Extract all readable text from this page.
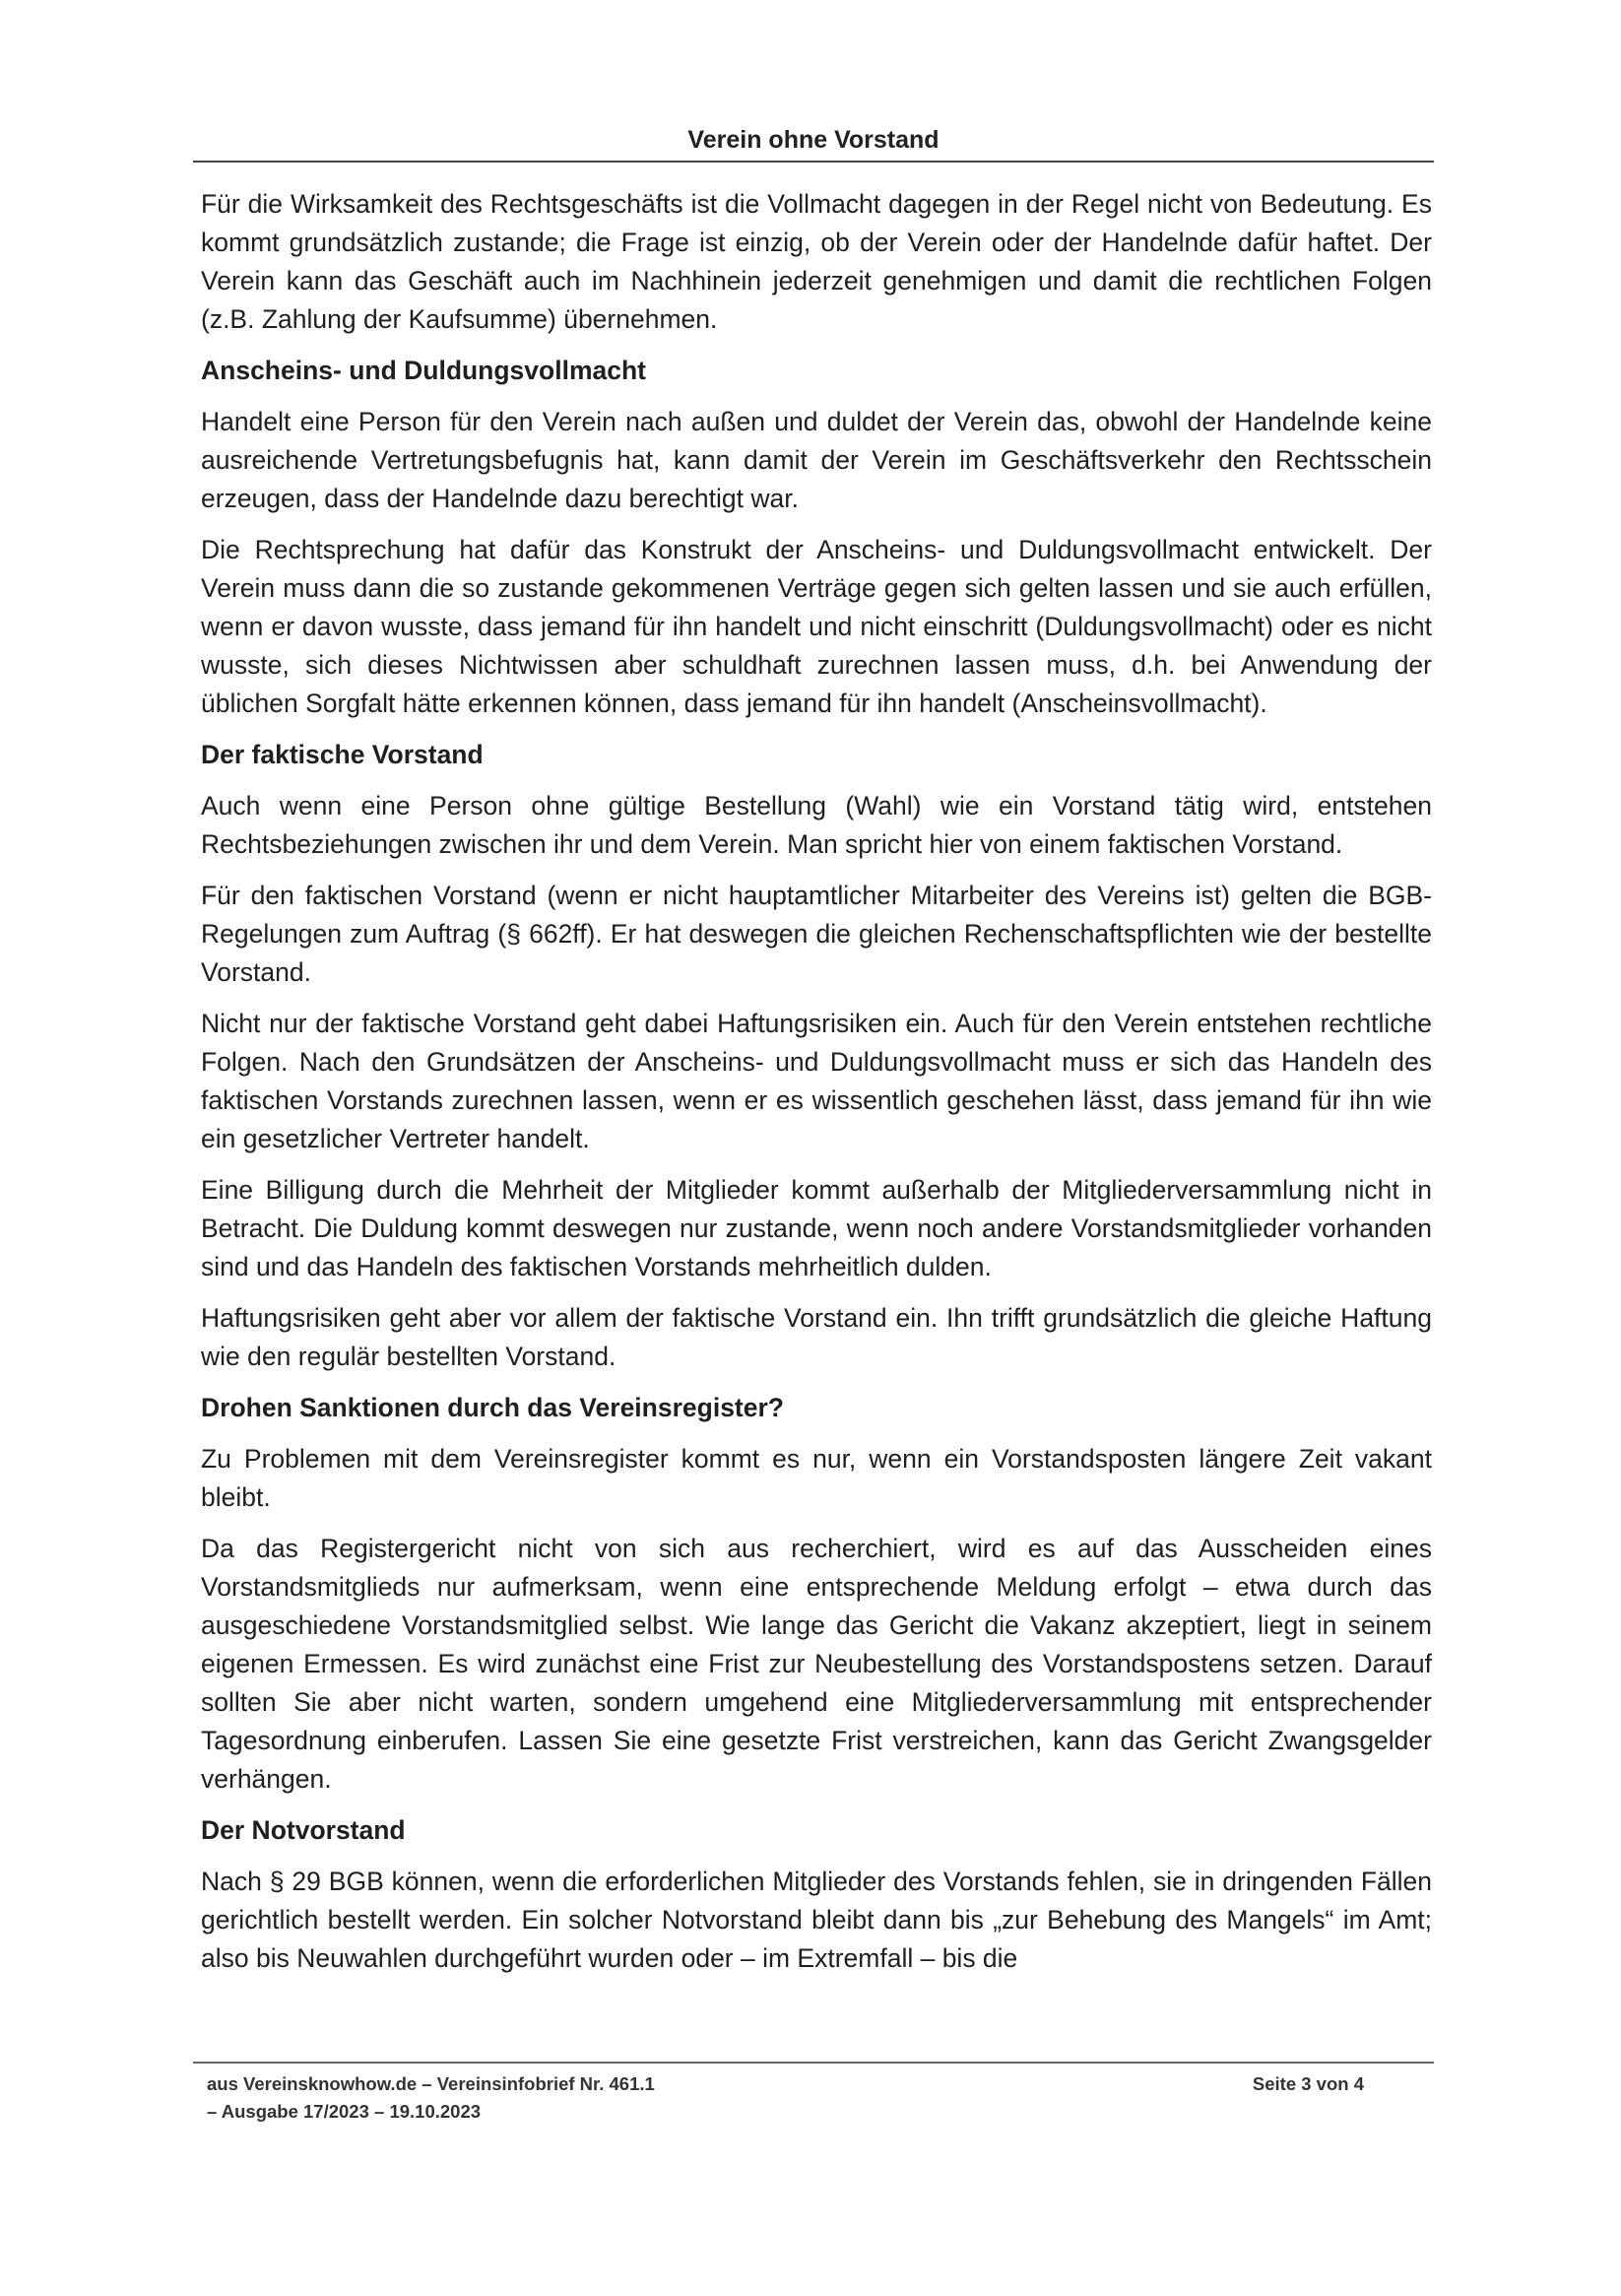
Verein ohne Vorstand

Für die Wirksamkeit des Rechtsgeschäfts ist die Vollmacht dagegen in der Regel nicht von Bedeutung. Es kommt grundsätzlich zustande; die Frage ist einzig, ob der Verein oder der Handelnde dafür haftet. Der Verein kann das Geschäft auch im Nachhinein jederzeit genehmigen und damit die rechtlichen Folgen (z.B. Zahlung der Kaufsumme) übernehmen.

Anscheins- und Duldungsvollmacht

Handelt eine Person für den Verein nach außen und duldet der Verein das, obwohl der Handelnde keine ausreichende Vertretungsbefugnis hat, kann damit der Verein im Geschäftsverkehr den Rechtsschein erzeugen, dass der Handelnde dazu berechtigt war.

Die Rechtsprechung hat dafür das Konstrukt der Anscheins- und Duldungsvollmacht entwickelt. Der Verein muss dann die so zustande gekommenen Verträge gegen sich gelten lassen und sie auch erfüllen, wenn er davon wusste, dass jemand für ihn handelt und nicht einschritt (Duldungsvollmacht) oder es nicht wusste, sich dieses Nichtwissen aber schuldhaft zurechnen lassen muss, d.h. bei Anwendung der üblichen Sorgfalt hätte erkennen können, dass jemand für ihn handelt (Anscheinsvollmacht).

Der faktische Vorstand

Auch wenn eine Person ohne gültige Bestellung (Wahl) wie ein Vorstand tätig wird, entstehen Rechtsbeziehungen zwischen ihr und dem Verein. Man spricht hier von einem faktischen Vorstand.

Für den faktischen Vorstand (wenn er nicht hauptamtlicher Mitarbeiter des Vereins ist) gelten die BGB-Regelungen zum Auftrag (§ 662ff). Er hat deswegen die gleichen Rechenschaftspflichten wie der bestellte Vorstand.

Nicht nur der faktische Vorstand geht dabei Haftungsrisiken ein. Auch für den Verein entstehen rechtliche Folgen. Nach den Grundsätzen der Anscheins- und Duldungsvollmacht muss er sich das Handeln des faktischen Vorstands zurechnen lassen, wenn er es wissentlich geschehen lässt, dass jemand für ihn wie ein gesetzlicher Vertreter handelt.

Eine Billigung durch die Mehrheit der Mitglieder kommt außerhalb der Mitgliederversammlung nicht in Betracht. Die Duldung kommt deswegen nur zustande, wenn noch andere Vorstandsmitglieder vorhanden sind und das Handeln des faktischen Vorstands mehrheitlich dulden.

Haftungsrisiken geht aber vor allem der faktische Vorstand ein. Ihn trifft grundsätzlich die gleiche Haftung wie den regulär bestellten Vorstand.

Drohen Sanktionen durch das Vereinsregister?

Zu Problemen mit dem Vereinsregister kommt es nur, wenn ein Vorstandsposten längere Zeit vakant bleibt.

Da das Registergericht nicht von sich aus recherchiert, wird es auf das Ausscheiden eines Vorstandsmitglieds nur aufmerksam, wenn eine entsprechende Meldung erfolgt – etwa durch das ausgeschiedene Vorstandsmitglied selbst. Wie lange das Gericht die Vakanz akzeptiert, liegt in seinem eigenen Ermessen. Es wird zunächst eine Frist zur Neubestellung des Vorstandspostens setzen. Darauf sollten Sie aber nicht warten, sondern umgehend eine Mitgliederversammlung mit entsprechender Tagesordnung einberufen. Lassen Sie eine gesetzte Frist verstreichen, kann das Gericht Zwangsgelder verhängen.

Der Notvorstand

Nach § 29 BGB können, wenn die erforderlichen Mitglieder des Vorstands fehlen, sie in dringenden Fällen gerichtlich bestellt werden. Ein solcher Notvorstand bleibt dann bis „zur Behebung des Mangels“ im Amt; also bis Neuwahlen durchgeführt wurden oder – im Extremfall – bis die

aus Vereinsknowhow.de – Vereinsinfobrief Nr. 461.1
– Ausgabe 17/2023 – 19.10.2023
Seite 3 von 4
